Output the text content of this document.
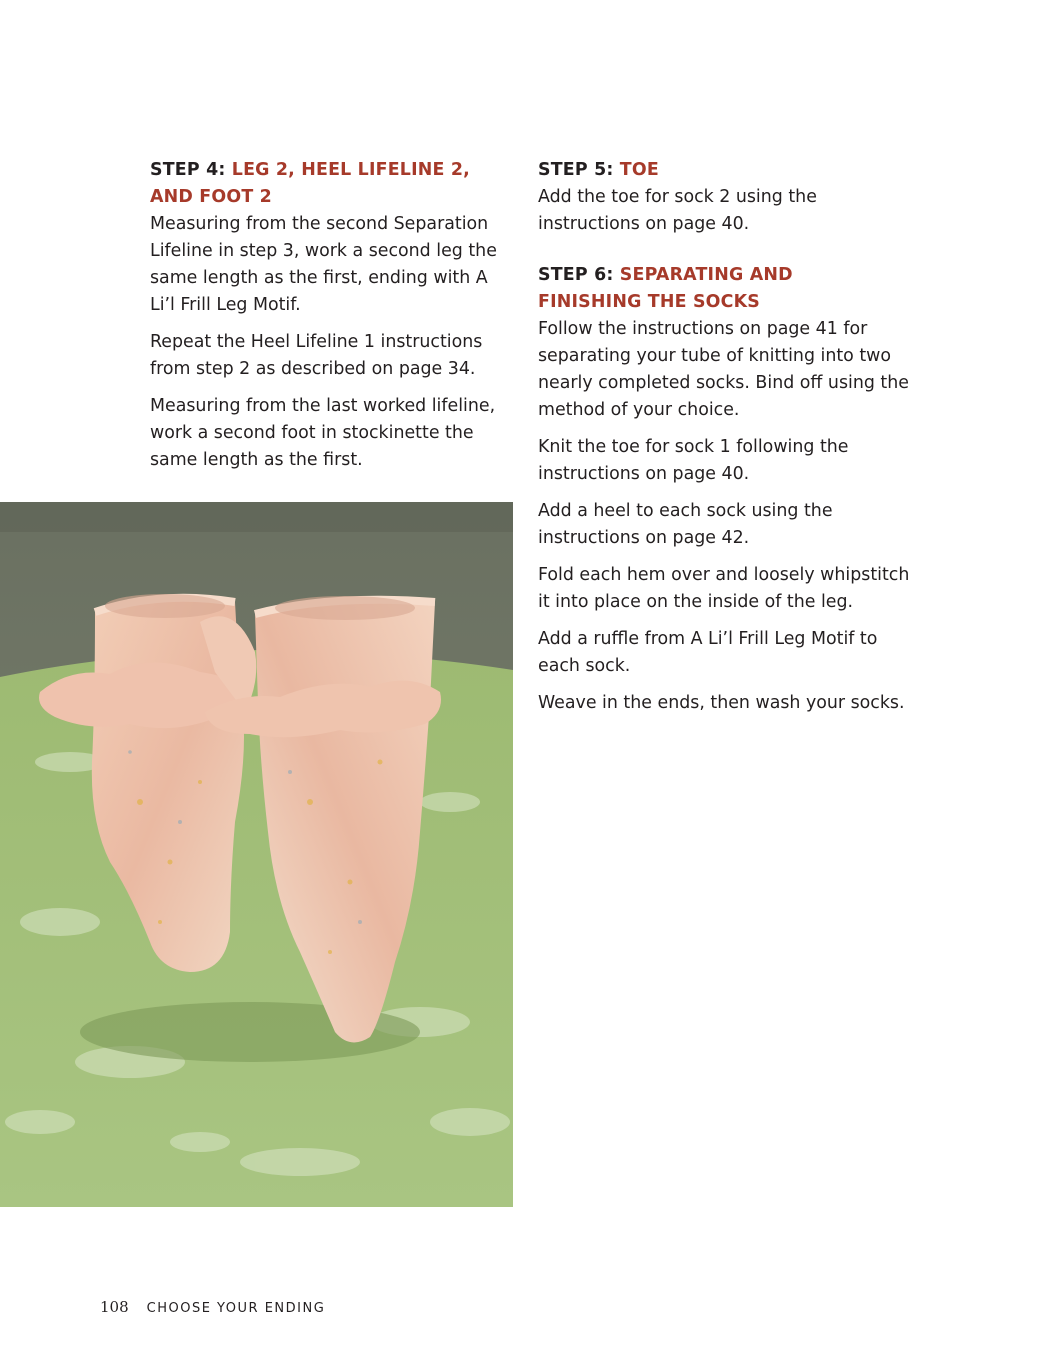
STEP 4: LEG 2, HEEL LIFELINE 2,
AND FOOT 2

Measuring from the second Separation Lifeline in step 3, work a second leg the same length as the first, ending with A Li’l Frill Leg Motif.

Repeat the Heel Lifeline 1 instructions from step 2 as described on page 34.

Measuring from the last worked lifeline, work a second foot in stockinette the same length as the first.

STEP 5: TOE

Add the toe for sock 2 using the instructions on page 40.

STEP 6: SEPARATING AND
FINISHING THE SOCKS

Follow the instructions on page 41 for separating your tube of knitting into two nearly completed socks. Bind off using the method of your choice.

Knit the toe for sock 1 following the instructions on page 40.

Add a heel to each sock using the instructions on page 42.

Fold each hem over and loosely whipstitch it into place on the inside of the leg.

Add a ruffle from A Li’l Frill Leg Motif to each sock.

Weave in the ends, then wash your socks.

108 CHOOSE YOUR ENDING
